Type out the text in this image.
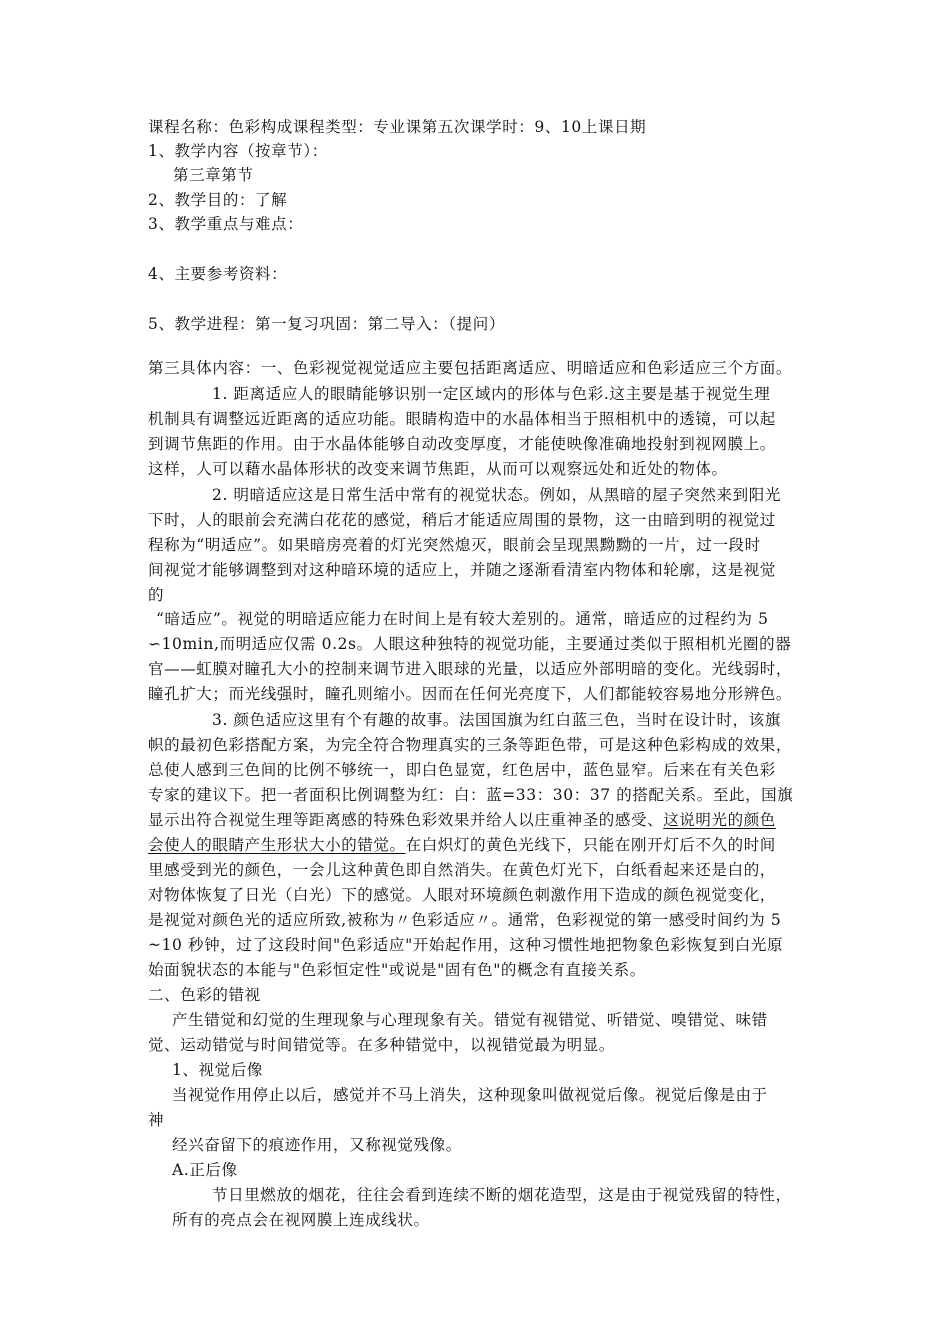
课程名称：色彩构成课程类型：专业课第五次课学时：9、10上课日期
1、教学内容（按章节）：
第三章第节
2、教学目的：了解
3、教学重点与难点：
4、主要参考资料：
5、教学进程：第一复习巩固：第二导入：（提问）
第三具体内容：一、色彩视觉视觉适应主要包括距离适应、明暗适应和色彩适应三个方面。
1. 距离适应人的眼睛能够识别一定区域内的形体与色彩.这主要是基于视觉生理
机制具有调整远近距离的适应功能。眼睛构造中的水晶体相当于照相机中的透镜，可以起
到调节焦距的作用。由于水晶体能够自动改变厚度，才能使映像准确地投射到视网膜上。
这样，人可以藉水晶体形状的改变来调节焦距，从而可以观察远处和近处的物体。
2. 明暗适应这是日常生活中常有的视觉状态。例如，从黑暗的屋子突然来到阳光
下时，人的眼前会充满白花花的感觉，稍后才能适应周围的景物，这一由暗到明的视觉过
程称为“明适应”。如果暗房亮着的灯光突然熄灭，眼前会呈现黑黝黝的一片，过一段时
间视觉才能够调整到对这种暗环境的适应上，并随之逐渐看清室内物体和轮廓，这是视觉
的
“暗适应”。视觉的明暗适应能力在时间上是有较大差别的。通常，暗适应的过程约为 5
∽10min,而明适应仅需 0.2s。人眼这种独特的视觉功能，主要通过类似于照相机光圈的器
官——虹膜对瞳孔大小的控制来调节进入眼球的光量，以适应外部明暗的变化。光线弱时，
瞳孔扩大；而光线强时，瞳孔则缩小。因而在任何光亮度下，人们都能较容易地分形辨色。
3. 颜色适应这里有个有趣的故事。法国国旗为红白蓝三色，当时在设计时，该旗
帜的最初色彩搭配方案，为完全符合物理真实的三条等距色带，可是这种色彩构成的效果，
总使人感到三色间的比例不够统一，即白色显宽，红色居中，蓝色显窄。后来在有关色彩
专家的建议下。把一者面积比例调整为红：白：蓝=33：30：37 的搭配关系。至此，国旗
显示出符合视觉生理等距离感的特殊色彩效果并给人以庄重神圣的感受、这说明光的颜色
会使人的眼睛产生形状大小的错觉。在白炽灯的黄色光线下，只能在刚开灯后不久的时间
里感受到光的颜色，一会儿这种黄色即自然消失。在黄色灯光下，白纸看起来还是白的，
对物体恢复了日光（白光）下的感觉。人眼对环境颜色刺激作用下造成的颜色视觉变化，
是视觉对颜色光的适应所致,被称为〃色彩适应〃。通常，色彩视觉的第一感受时间约为 5
~10 秒钟，过了这段时间"色彩适应"开始起作用，这种习惯性地把物象色彩恢复到白光原
始面貌状态的本能与"色彩恒定性"或说是"固有色"的概念有直接关系。
二、色彩的错视
产生错觉和幻觉的生理现象与心理现象有关。错觉有视错觉、听错觉、嗅错觉、味错
觉、运动错觉与时间错觉等。在多种错觉中，以视错觉最为明显。
1、视觉后像
当视觉作用停止以后，感觉并不马上消失，这种现象叫做视觉后像。视觉后像是由于
神
经兴奋留下的痕迹作用，又称视觉残像。
A.正后像
节日里燃放的烟花，往往会看到连续不断的烟花造型，这是由于视觉残留的特性，
所有的亮点会在视网膜上连成线状。
